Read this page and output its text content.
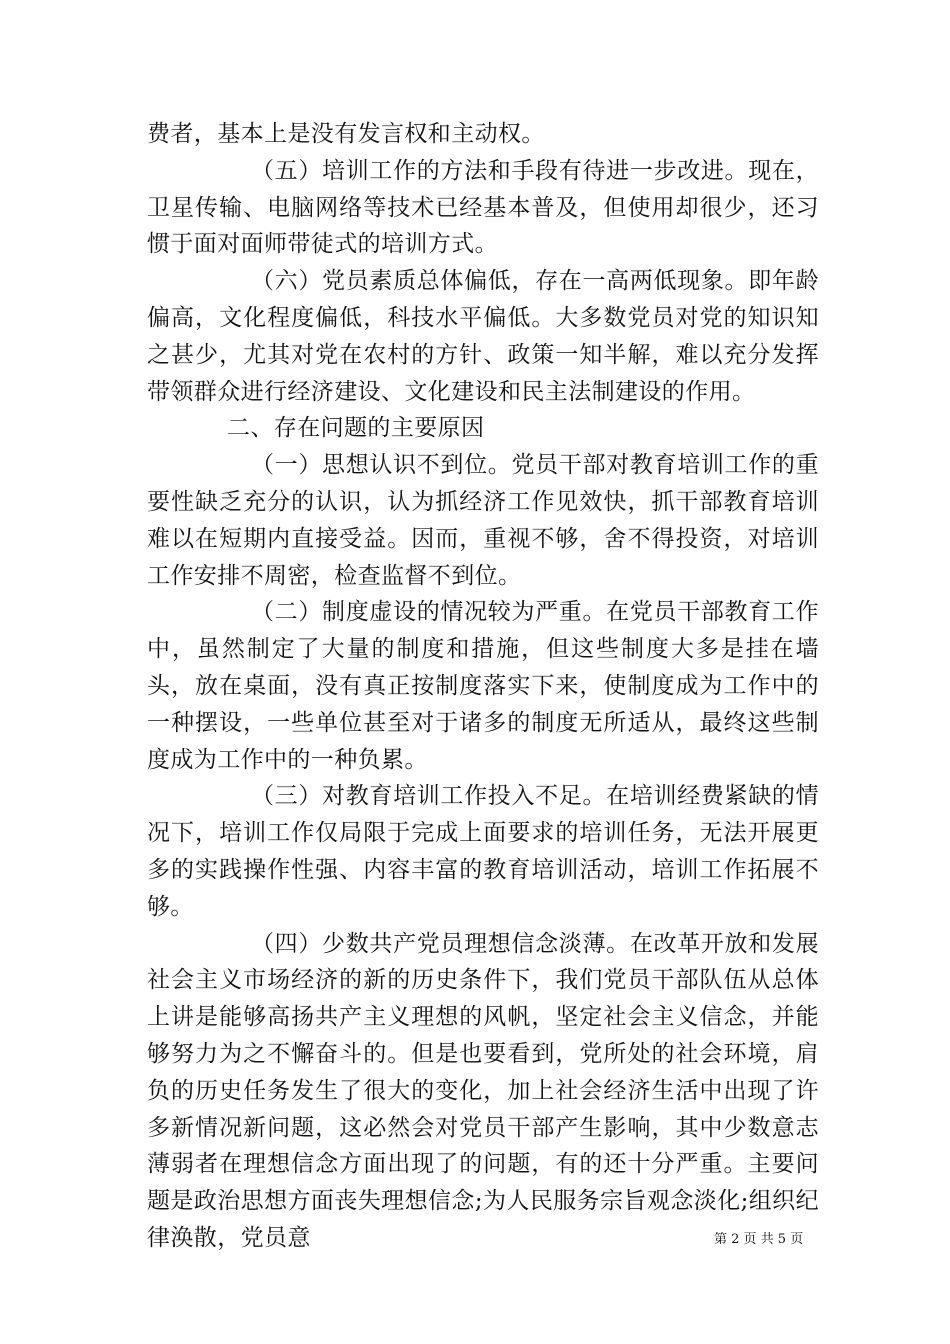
费者，基本上是没有发言权和主动权。

（五）培训工作的方法和手段有待进一步改进。现在，卫星传输、电脑网络等技术已经基本普及，但使用却很少，还习惯于面对面师带徒式的培训方式。

（六）党员素质总体偏低，存在一高两低现象。即年龄偏高，文化程度偏低，科技水平偏低。大多数党员对党的知识知之甚少，尤其对党在农村的方针、政策一知半解，难以充分发挥带领群众进行经济建设、文化建设和民主法制建设的作用。

二、存在问题的主要原因

（一）思想认识不到位。党员干部对教育培训工作的重要性缺乏充分的认识，认为抓经济工作见效快，抓干部教育培训难以在短期内直接受益。因而，重视不够，舍不得投资，对培训工作安排不周密，检查监督不到位。

（二）制度虚设的情况较为严重。在党员干部教育工作中，虽然制定了大量的制度和措施，但这些制度大多是挂在墙头，放在桌面，没有真正按制度落实下来，使制度成为工作中的一种摆设，一些单位甚至对于诸多的制度无所适从，最终这些制度成为工作中的一种负累。

（三）对教育培训工作投入不足。在培训经费紧缺的情况下，培训工作仅局限于完成上面要求的培训任务，无法开展更多的实践操作性强、内容丰富的教育培训活动，培训工作拓展不够。

（四）少数共产党员理想信念淡薄。在改革开放和发展社会主义市场经济的新的历史条件下，我们党员干部队伍从总体上讲是能够高扬共产主义理想的风帆，坚定社会主义信念，并能够努力为之不懈奋斗的。但是也要看到，党所处的社会环境，肩负的历史任务发生了很大的变化，加上社会经济生活中出现了许多新情况新问题，这必然会对党员干部产生影响，其中少数意志薄弱者在理想信念方面出现了的问题，有的还十分严重。主要问题是政治思想方面丧失理想信念;为人民服务宗旨观念淡化;组织纪律涣散，党员意	第 2 页 共 5 页
